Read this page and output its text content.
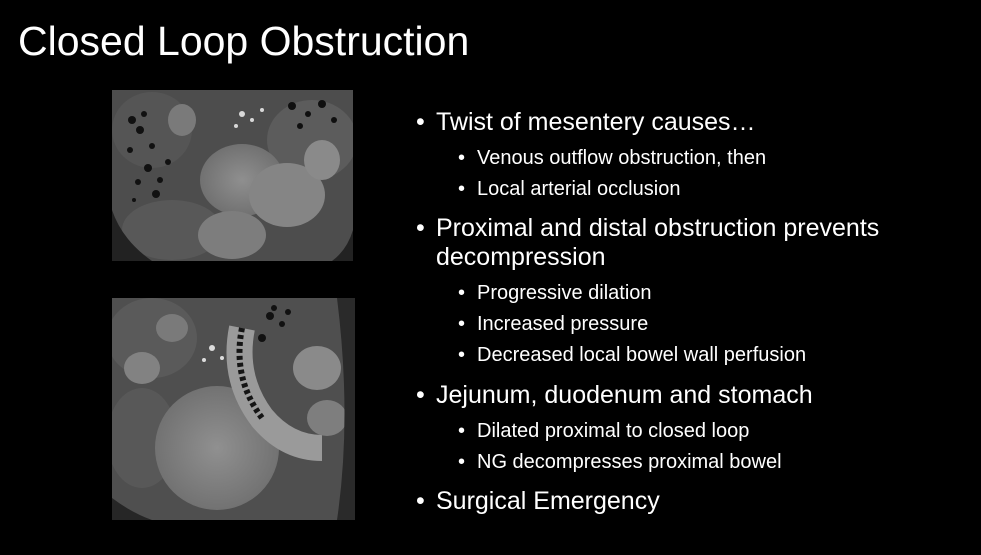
Closed Loop Obstruction
• Twist of mesentery causes…
• Venous outflow obstruction, then
• Local arterial occlusion
• Proximal and distal obstruction prevents
decompression
• Progressive dilation
• Increased pressure
• Decreased local bowel wall perfusion
• Jejunum, duodenum and stomach
• Dilated proximal to closed loop
• NG decompresses proximal bowel
• Surgical Emergency
